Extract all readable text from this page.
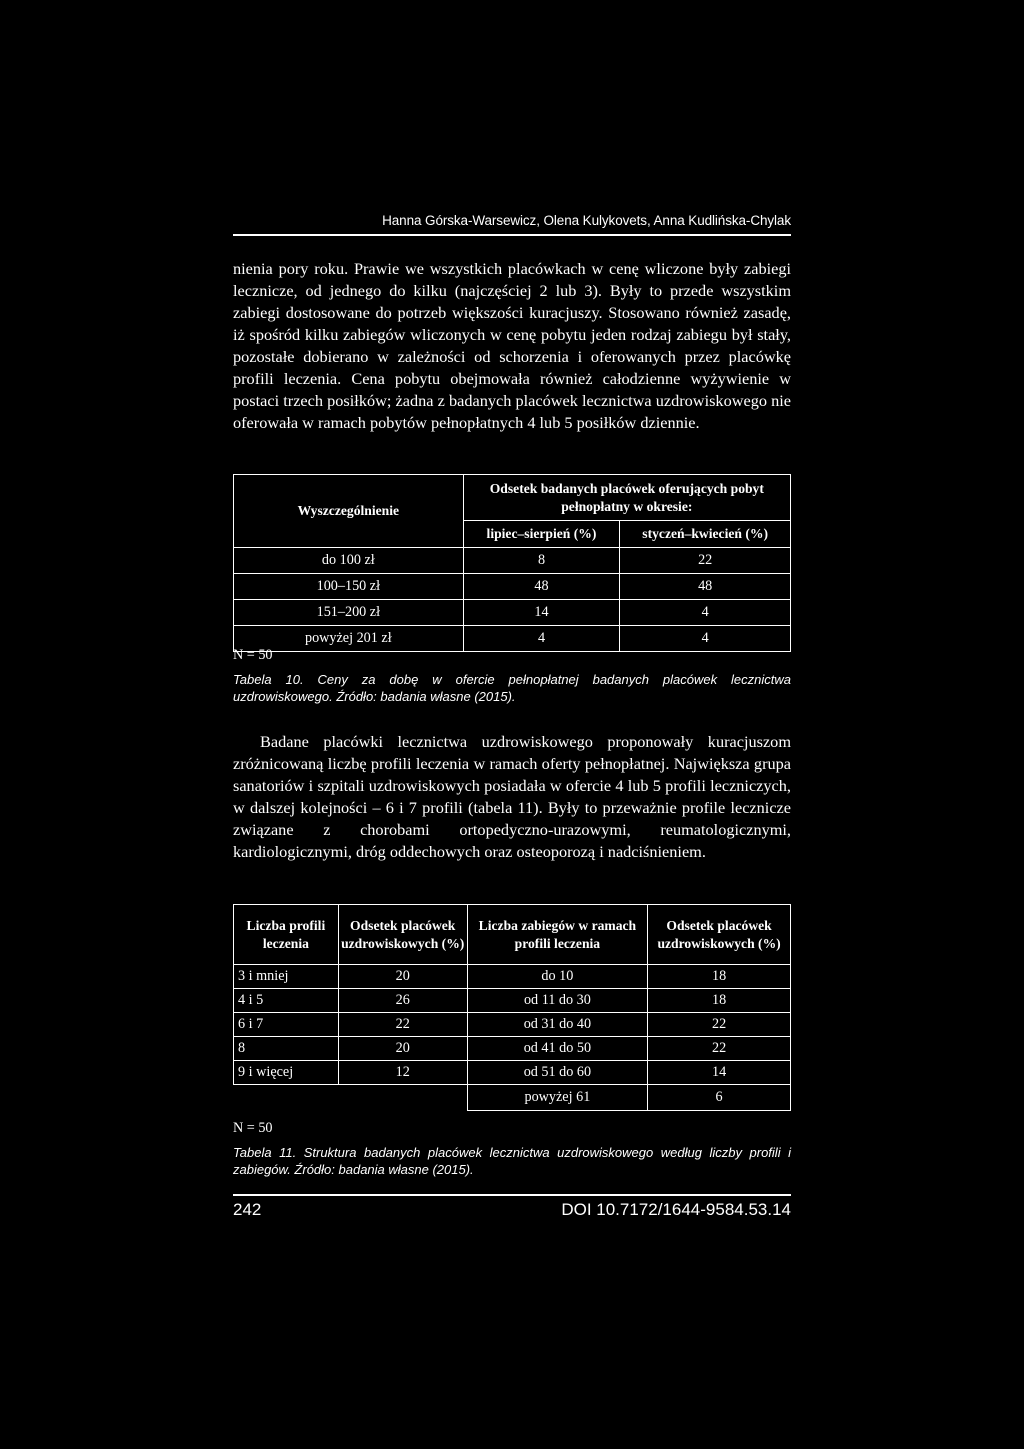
Hanna Górska-Warsewicz, Olena Kulykovets, Anna Kudlińska-Chylak

nienia pory roku. Prawie we wszystkich placówkach w cenę wliczone były zabiegi lecznicze, od jednego do kilku (najczęściej 2 lub 3). Były to przede wszystkim zabiegi dostosowane do potrzeb większości kuracjuszy. Stosowano również zasadę, iż spośród kilku zabiegów wliczonych w cenę pobytu jeden rodzaj zabiegu był stały, pozostałe dobierano w zależności od schorzenia i oferowanych przez placówkę profili leczenia. Cena pobytu obejmowała również całodzienne wyżywienie w postaci trzech posiłków; żadna z badanych placówek lecznictwa uzdrowiskowego nie oferowała w ramach pobytów pełnopłatnych 4 lub 5 posiłków dziennie.

Wyszczególnienie	Odsetek badanych placówek oferujących pobyt pełnopłatny w okresie:	
	lipiec–sierpień (%)	styczeń–kwiecień (%)
do 100 zł	8	22
100–150 zł	48	48
151–200 zł	14	4
powyżej 201 zł	4	4
N = 50

Tabela 10. Ceny za dobę w ofercie pełnopłatnej badanych placówek lecznictwa uzdrowiskowego. Źródło: badania własne (2015).

Badane placówki lecznictwa uzdrowiskowego proponowały kuracjuszom zróżnicowaną liczbę profili leczenia w ramach oferty pełnopłatnej. Największa grupa sanatoriów i szpitali uzdrowiskowych posiadała w ofercie 4 lub 5 profili leczniczych, w dalszej kolejności – 6 i 7 profili (tabela 11). Były to przeważnie profile lecznicze związane z chorobami ortopedyczno-urazowymi, reumatologicznymi, kardiologicznymi, dróg oddechowych oraz osteoporozą i nadciśnieniem.

Liczba profili leczenia	Odsetek placówek uzdrowiskowych (%)	Liczba zabiegów w ramach profili leczenia	Odsetek placówek uzdrowiskowych (%)
3 i mniej	20	do 10	18
4 i 5	26	od 11 do 30	18
6 i 7	22	od 31 do 40	22
8	20	od 41 do 50	22
9 i więcej	12	od 51 do 60	14
		powyżej 61	6
N = 50

Tabela 11. Struktura badanych placówek lecznictwa uzdrowiskowego według liczby profili i zabiegów. Źródło: badania własne (2015).

242	DOI 10.7172/1644-9584.53.14
